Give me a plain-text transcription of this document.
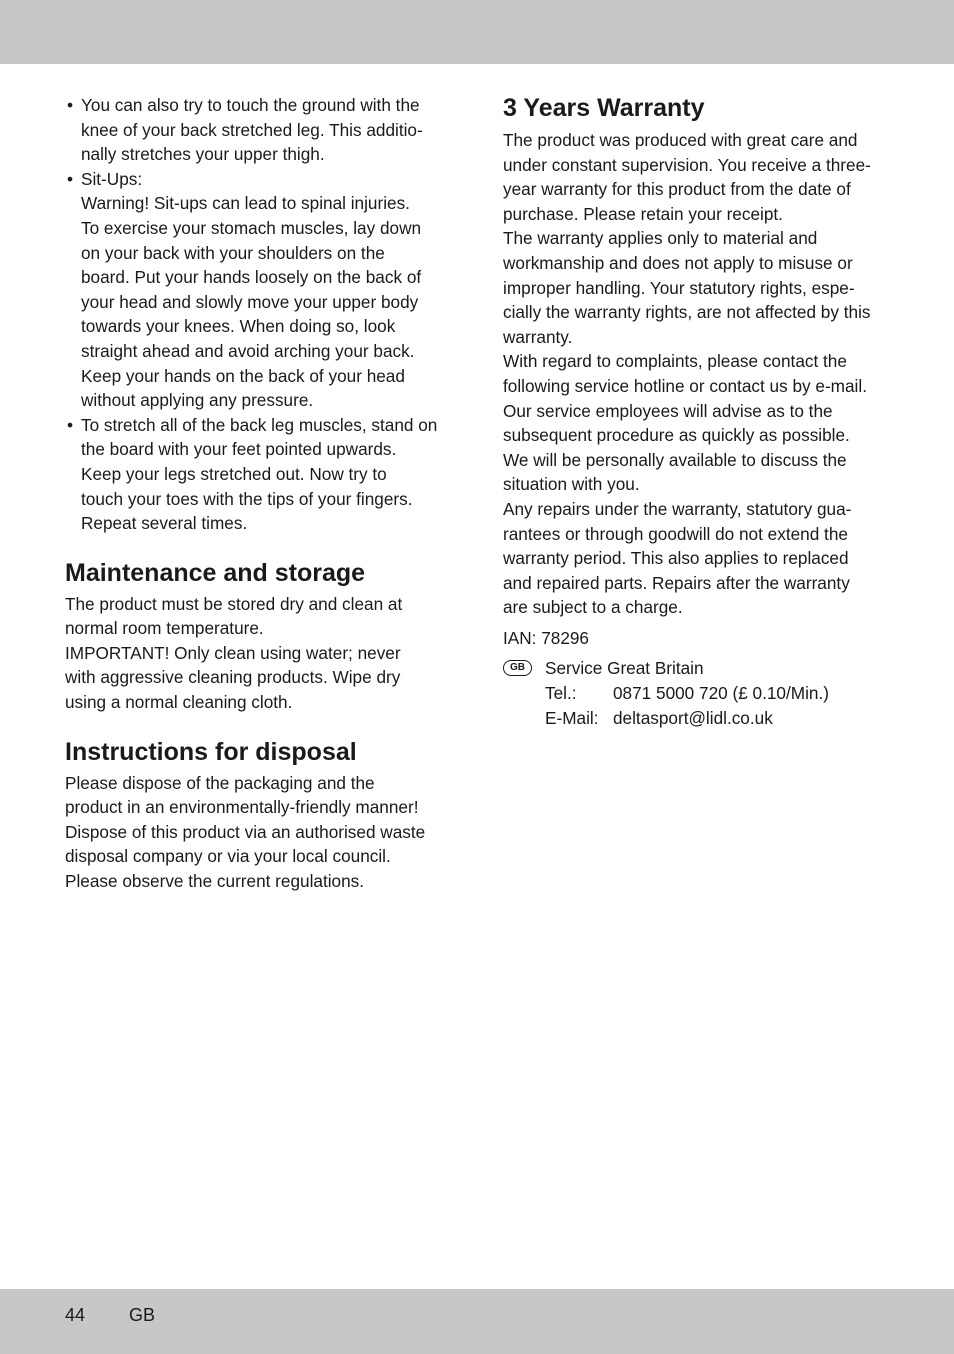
• You can also try to touch the ground with the
knee of your back stretched leg. This additio-
nally stretches your upper thigh.
• Sit-Ups:
Warning! Sit-ups can lead to spinal injuries.
To exercise your stomach muscles, lay down
on your back with your shoulders on the
board. Put your hands loosely on the back of
your head and slowly move your upper body
towards your knees. When doing so, look
straight ahead and avoid arching your back.
Keep your hands on the back of your head
without applying any pressure.
• To stretch all of the back leg muscles, stand on
the board with your feet pointed upwards.
Keep your legs stretched out. Now try to
touch your toes with the tips of your fingers.
Repeat several times.
Maintenance and storage
The product must be stored dry and clean at
normal room temperature.
IMPORTANT! Only clean using water; never
with aggressive cleaning products. Wipe dry
using a normal cleaning cloth.
Instructions for disposal
Please dispose of the packaging and the
product in an environmentally-friendly manner!
Dispose of this product via an authorised waste
disposal company or via your local council.
Please observe the current regulations.
3 Years Warranty
The product was produced with great care and
under constant supervision. You receive a three-
year warranty for this product from the date of
purchase. Please retain your receipt.
The warranty applies only to material and
workmanship and does not apply to misuse or
improper handling. Your statutory rights, espe-
cially the warranty rights, are not affected by this
warranty.
With regard to complaints, please contact the
following service hotline or contact us by e-mail.
Our service employees will advise as to the
subsequent procedure as quickly as possible.
We will be personally available to discuss the
situation with you.
Any repairs under the warranty, statutory gua-
rantees or through goodwill do not extend the
warranty period. This also applies to replaced
and repaired parts. Repairs after the warranty
are subject to a charge.
IAN: 78296
GB	Service Great Britain
Tel.: 0871 5000 720 (£ 0.10/Min.)
E-Mail: deltasport@lidl.co.uk
44 GB
